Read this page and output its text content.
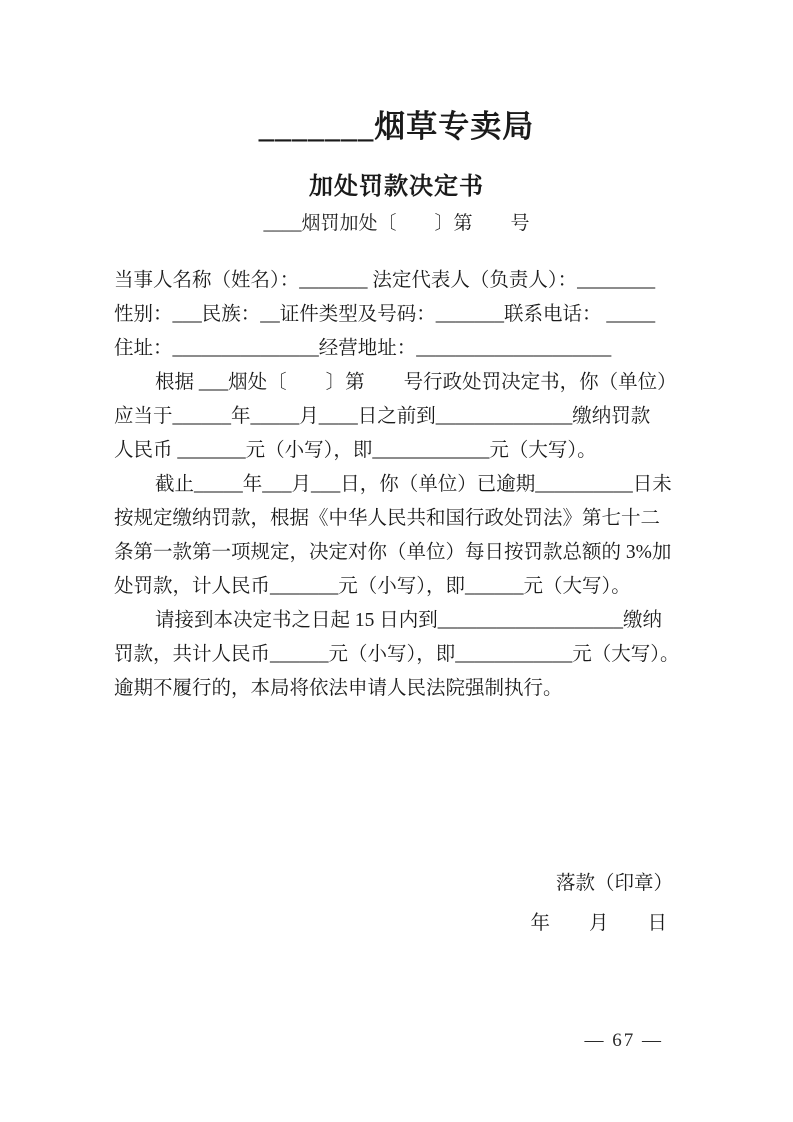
_______烟草专卖局
加处罚款决定书
____烟罚加处〔　　〕第　　号
当事人名称（姓名）：_______ 法定代表人（负责人）：________
性别：___民族：__证件类型及号码：_______联系电话： _____
住址：_______________经营地址：____________________
根据 ___烟处〔　　〕第　　号行政处罚决定书，你（单位）
应当于______年_____月____日之前到______________缴纳罚款
人民币 _______元（小写），即____________元（大写）。
截止_____年___月___日，你（单位）已逾期__________日未
按规定缴纳罚款，根据《中华人民共和国行政处罚法》第七十二
条第一款第一项规定，决定对你（单位）每日按罚款总额的 3%加
处罚款，计人民币_______元（小写），即______元（大写）。
请接到本决定书之日起 15 日内到___________________缴纳
罚款，共计人民币______元（小写），即____________元（大写）。
逾期不履行的，本局将依法申请人民法院强制执行。
落款（印章）
年　　月　　日
— 67 —
